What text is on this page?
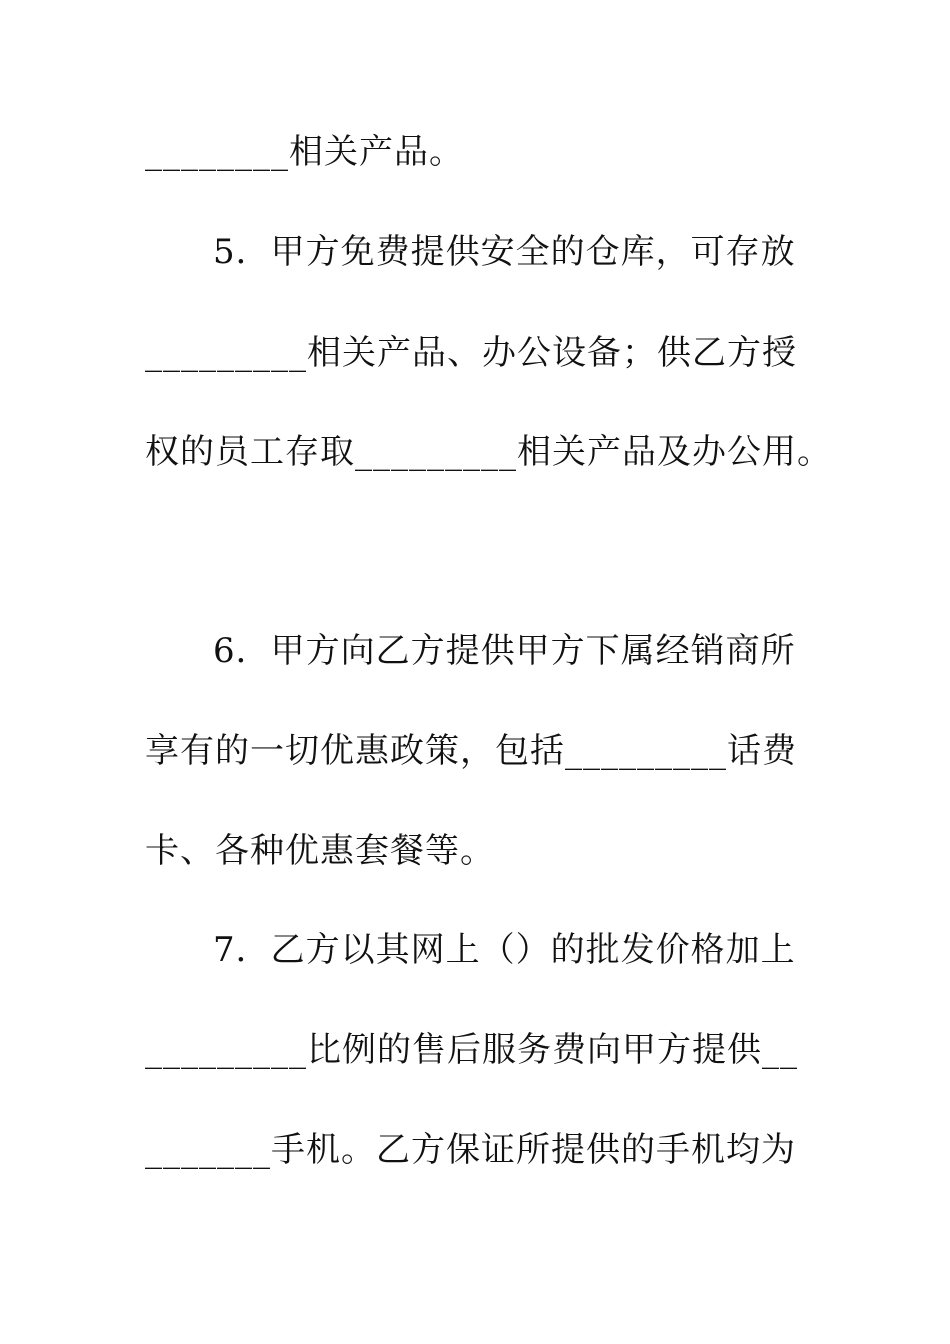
________相关产品。
5．甲方免费提供安全的仓库，可存放
_________相关产品、办公设备；供乙方授
权的员工存取_________相关产品及办公用。
6．甲方向乙方提供甲方下属经销商所
享有的一切优惠政策，包括_________话费
卡、各种优惠套餐等。
7．乙方以其网上（）的批发价格加上
_________比例的售后服务费向甲方提供__
_______手机。乙方保证所提供的手机均为
